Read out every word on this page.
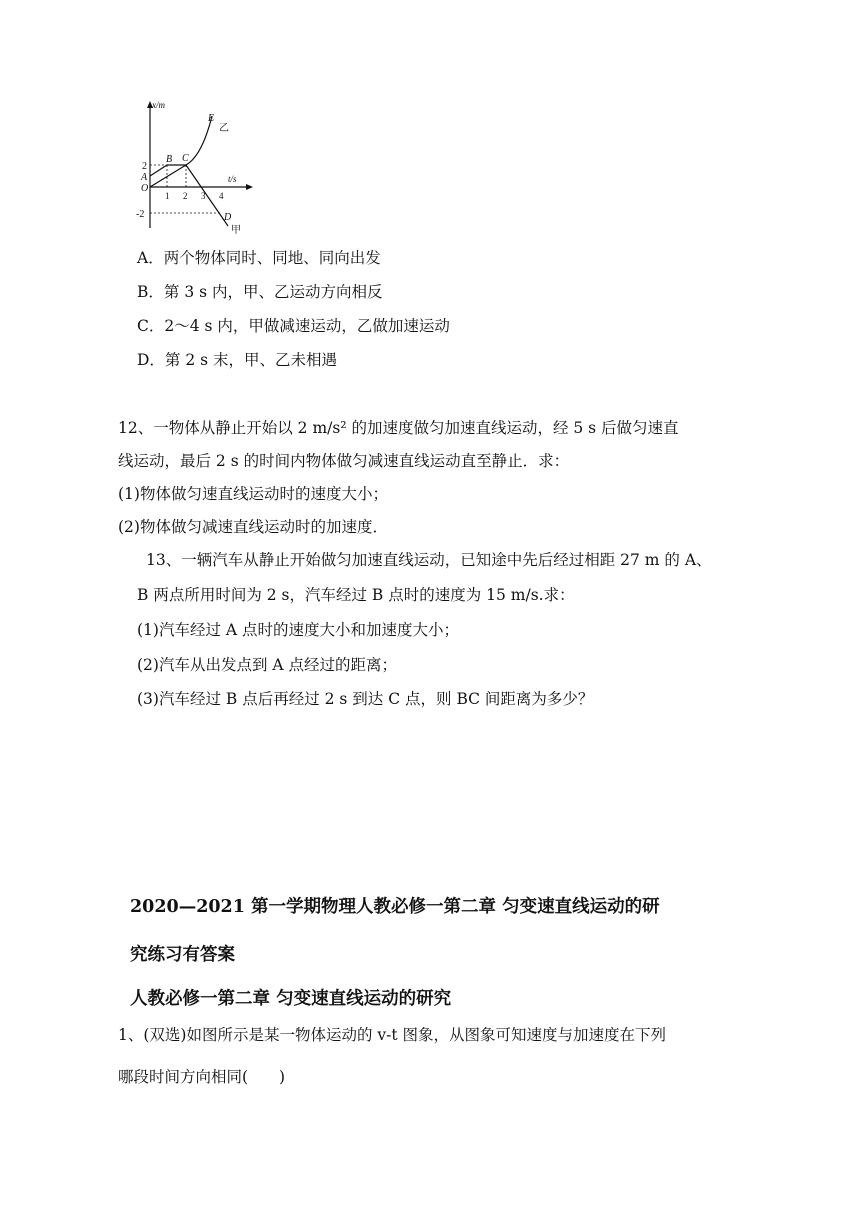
x/m
t/s
O
2
-2
1 2 3 4
A
B C
D
E
甲
乙
A．两个物体同时、同地、同向出发
B．第 3 s 内，甲、乙运动方向相反
C．2～4 s 内，甲做减速运动，乙做加速运动
D．第 2 s 末，甲、乙未相遇
12、一物体从静止开始以 2 m/s² 的加速度做匀加速直线运动，经 5 s 后做匀速直
线运动，最后 2 s 的时间内物体做匀减速直线运动直至静止．求：
(1)物体做匀速直线运动时的速度大小；
(2)物体做匀减速直线运动时的加速度．
13、一辆汽车从静止开始做匀加速直线运动，已知途中先后经过相距 27 m 的 A、
B 两点所用时间为 2 s，汽车经过 B 点时的速度为 15 m/s.求：
(1)汽车经过 A 点时的速度大小和加速度大小；
(2)汽车从出发点到 A 点经过的距离；
(3)汽车经过 B 点后再经过 2 s 到达 C 点，则 BC 间距离为多少？
2020—2021 第一学期物理人教必修一第二章 匀变速直线运动的研
究练习有答案
人教必修一第二章 匀变速直线运动的研究
1、(双选)如图所示是某一物体运动的 v-t 图象，从图象可知速度与加速度在下列
哪段时间方向相同(　　)
